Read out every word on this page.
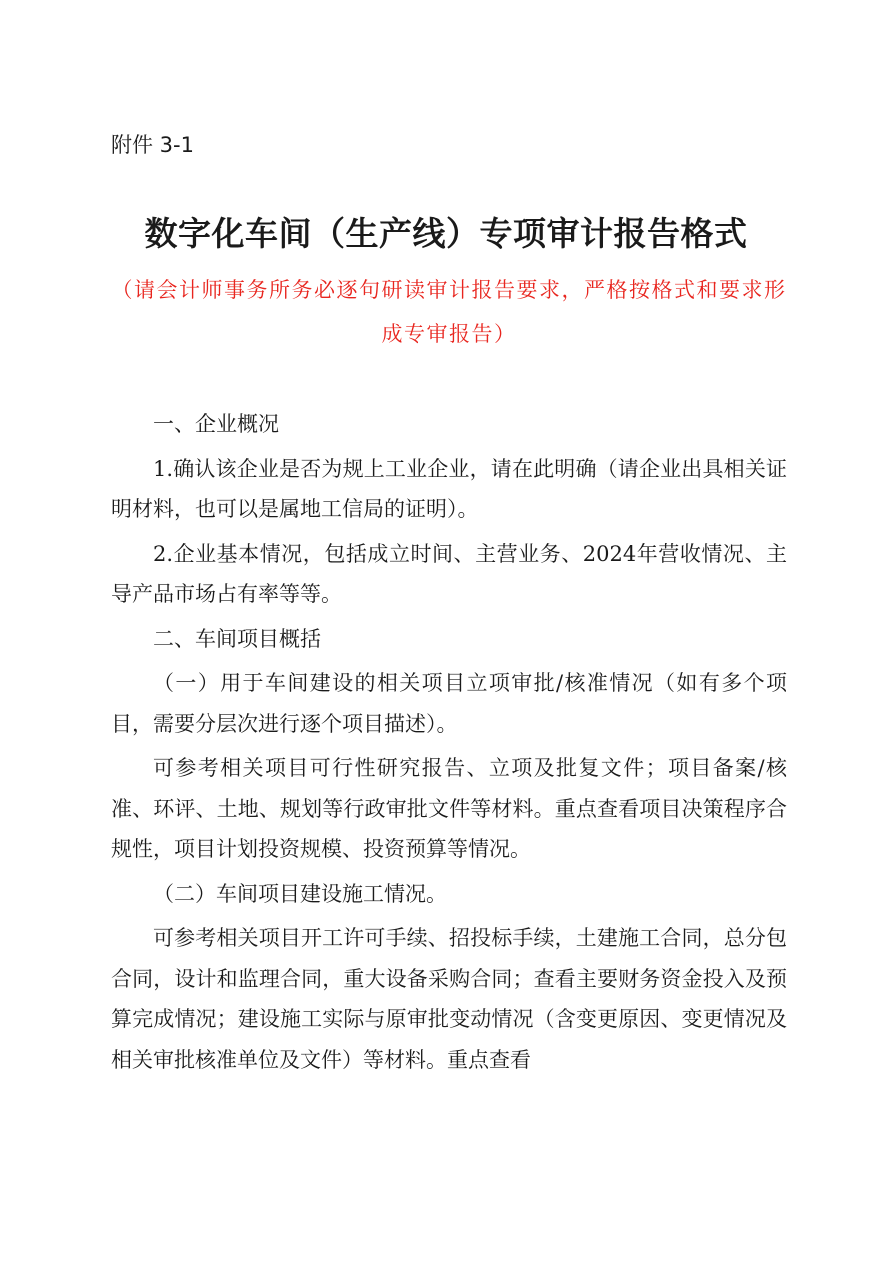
附件 3-1
数字化车间（生产线）专项审计报告格式
（请会计师事务所务必逐句研读审计报告要求，严格按格式和要求形成专审报告）

一、企业概况

1.确认该企业是否为规上工业企业，请在此明确（请企业出具相关证明材料，也可以是属地工信局的证明）。

2.企业基本情况，包括成立时间、主营业务、2024年营收情况、主导产品市场占有率等等。

二、车间项目概括

（一）用于车间建设的相关项目立项审批/核准情况（如有多个项目，需要分层次进行逐个项目描述）。

可参考相关项目可行性研究报告、立项及批复文件；项目备案/核准、环评、土地、规划等行政审批文件等材料。重点查看项目决策程序合规性，项目计划投资规模、投资预算等情况。

（二）车间项目建设施工情况。

可参考相关项目开工许可手续、招投标手续，土建施工合同，总分包合同，设计和监理合同，重大设备采购合同；查看主要财务资金投入及预算完成情况；建设施工实际与原审批变动情况（含变更原因、变更情况及相关审批核准单位及文件）等材料。重点查看
